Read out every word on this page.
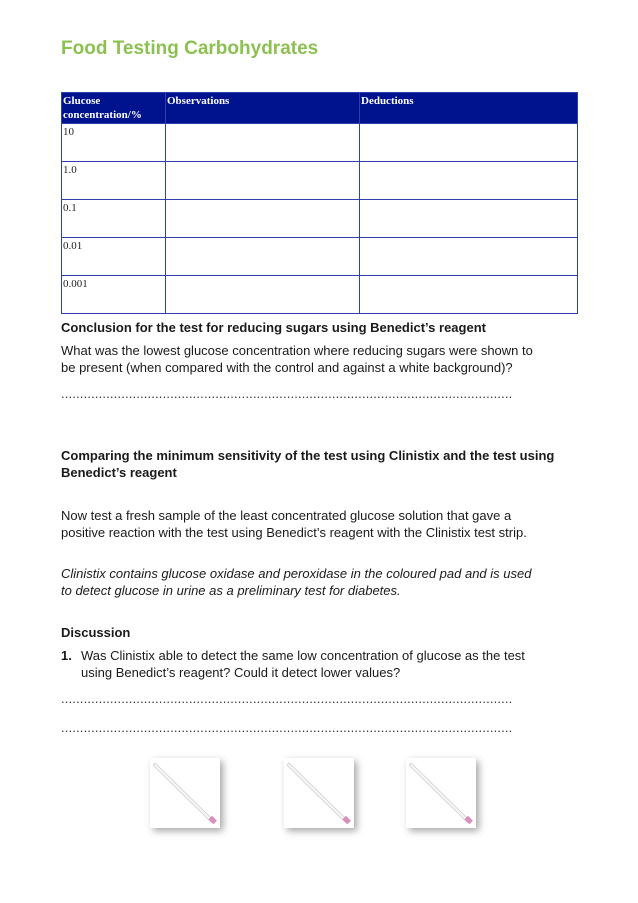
Food Testing Carbohydrates
Glucose concentration/%	Observations	Deductions
10		
1.0		
0.1		
0.01		
0.001		
Conclusion for the test for reducing sugars using Benedict’s reagent

What was the lowest glucose concentration where reducing sugars were shown to be present (when compared with the control and against a white background)?

........................................................................................................................
Comparing the minimum sensitivity of the test using Clinistix and the test using Benedict’s reagent

Now test a fresh sample of the least concentrated glucose solution that gave a positive reaction with the test using Benedict’s reagent with the Clinistix test strip.

Clinistix contains glucose oxidase and peroxidase in the coloured pad and is used to detect glucose in urine as a preliminary test for diabetes.

Discussion
1. Was Clinistix able to detect the same low concentration of glucose as the test using Benedict’s reagent? Could it detect lower values?
........................................................................................................................
........................................................................................................................
